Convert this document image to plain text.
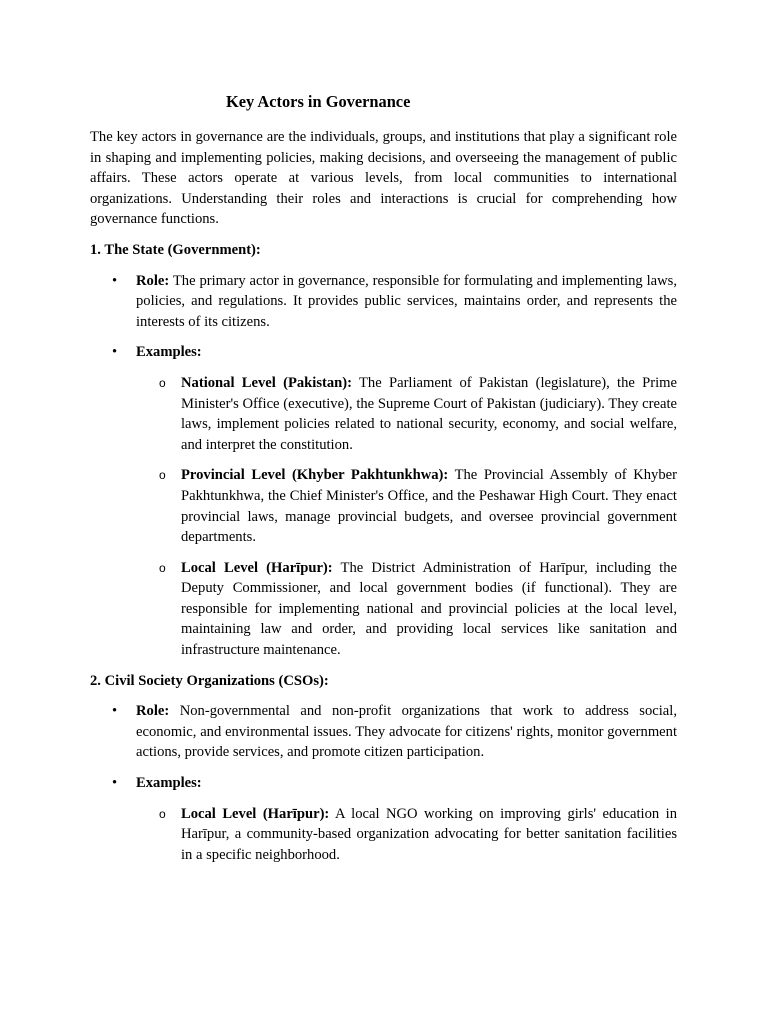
Key Actors in Governance

The key actors in governance are the individuals, groups, and institutions that play a significant role in shaping and implementing policies, making decisions, and overseeing the management of public affairs. These actors operate at various levels, from local communities to international organizations. Understanding their roles and interactions is crucial for comprehending how governance functions.

1. The State (Government):
• Role: The primary actor in governance, responsible for formulating and implementing laws, policies, and regulations. It provides public services, maintains order, and represents the interests of its citizens.

• Examples:

o National Level (Pakistan): The Parliament of Pakistan (legislature), the Prime Minister's Office (executive), the Supreme Court of Pakistan (judiciary). They create laws, implement policies related to national security, economy, and social welfare, and interpret the constitution.

o Provincial Level (Khyber Pakhtunkhwa): The Provincial Assembly of Khyber Pakhtunkhwa, the Chief Minister's Office, and the Peshawar High Court. They enact provincial laws, manage provincial budgets, and oversee provincial government departments.

o Local Level (Harīpur): The District Administration of Harīpur, including the Deputy Commissioner, and local government bodies (if functional). They are responsible for implementing national and provincial policies at the local level, maintaining law and order, and providing local services like sanitation and infrastructure maintenance.

2. Civil Society Organizations (CSOs):
• Role: Non-governmental and non-profit organizations that work to address social, economic, and environmental issues. They advocate for citizens' rights, monitor government actions, provide services, and promote citizen participation.

• Examples:

o Local Level (Harīpur): A local NGO working on improving girls' education in Harīpur, a community-based organization advocating for better sanitation facilities in a specific neighborhood.
